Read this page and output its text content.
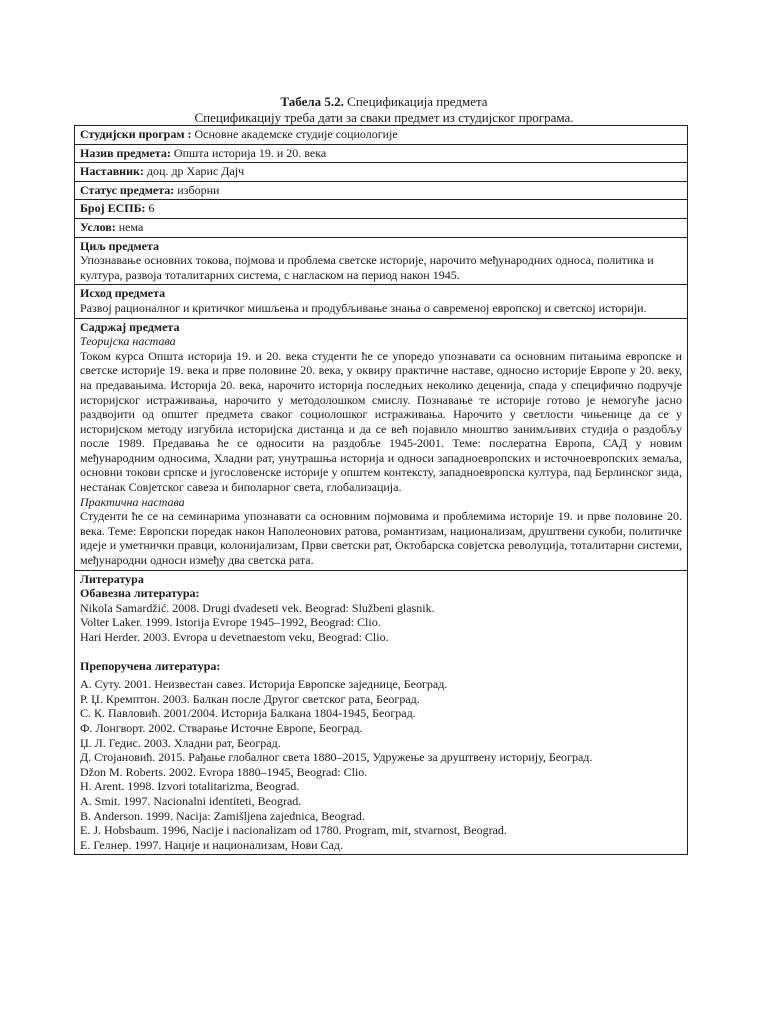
Табела 5.2. Спецификација предмета
Спецификацију треба дати за сваки предмет из студијског програма.
Студијски програм : Основне академске студије социологије
Назив предмета: Општа историја 19. и 20. века
Наставник: доц. др Харис Дајч
Статус предмета: изборни
Број ЕСПБ: 6
Услов: нема

Циљ предмета

Упознавање основних токова, појмова и проблема светске историје, нарочито међународних односа, политика и култура, развоја тоталитарних система, с нагласком на период након 1945.

Исход предмета

Развој рационалног и критичког мишљења и продубљивање знања о савременој европској и светској историји.

Садржај предмета

Теоријска настава

Током курса Општа историја 19. и 20. века студенти ће се упоредо упознавати са основним питањима европске и светске историје 19. века и прве половине 20. века, у оквиру практичне наставе, односно историје Европе у 20. веку, на предавањима. Историја 20. века, нарочито историја последњих неколико деценија, спада у специфично подручје историјског истраживања, нарочито у методолошком смислу. Познавање те историје готово је немогуће јасно раздвојити од општег предмета сваког социолошког истраживања. Нарочито у светлости чињенице да се у историјском методу изгубила историјска дистанца и да се већ појавило мноштво занимљивих студија о раздобљу после 1989. Предавања ће се односити на раздобље 1945-2001. Теме: послератна Европа, САД у новим међународним односима, Хладни рат, унутрашња историја и односи западноевропских и источноевропских земаља, основни токови српске и југословенске историје у општем контексту, западноевропска култура, пад Берлинског зида, нестанак Совјетског савеза и биполарног света, глобализација.

Практична настава

Студенти ће се на семинарима упознавати са основним појмовима и проблемима историје 19. и прве половине 20. века. Теме: Европски поредак након Наполеонових ратова, романтизам, национализам, друштвени сукоби, политичке идеје и уметнички правци, колонијализам, Први светски рат, Октобарска совјетска револуција, тоталитарни системи, међународни односи између два светска рата.

Литература

Обавезна литература:

Nikola Samardžić. 2008. Drugi dvadeseti vek. Beograd: Službeni glasnik.

Volter Laker. 1999. Istorija Evrope 1945–1992, Beograd: Clio.

Hari Herder. 2003. Evropa u devetnaestom veku, Beograd: Clio.

Препоручена литература:

А. Суту. 2001. Неизвестан савез. Историја Европске заједнице, Београд.

Р. Џ. Кремптон. 2003. Балкан после Другог светског рата, Београд.

С. К. Павловић. 2001/2004. Историја Балкана 1804-1945, Београд.

Ф. Лонгворт. 2002. Стварање Источне Европе, Београд.

Џ. Л. Гедис. 2003. Хладни рат, Београд.

Д. Стојановић. 2015. Рађање глобалног света 1880–2015, Удружење за друштвену историју, Београд.

Džon M. Roberts. 2002. Evropa 1880–1945, Beograd: Clio.

H. Arent. 1998. Izvori totalitarizma, Beograd.

A. Smit. 1997. Nacionalni identiteti, Beograd.

B. Anderson. 1999. Nacija: Zamišljena zajednica, Beograd.

E. J. Hobsbaum. 1996, Nacije i nacionalizam od 1780. Program, mit, stvarnost, Beograd.

Е. Гелнер. 1997. Нације и национализам, Нови Сад.
